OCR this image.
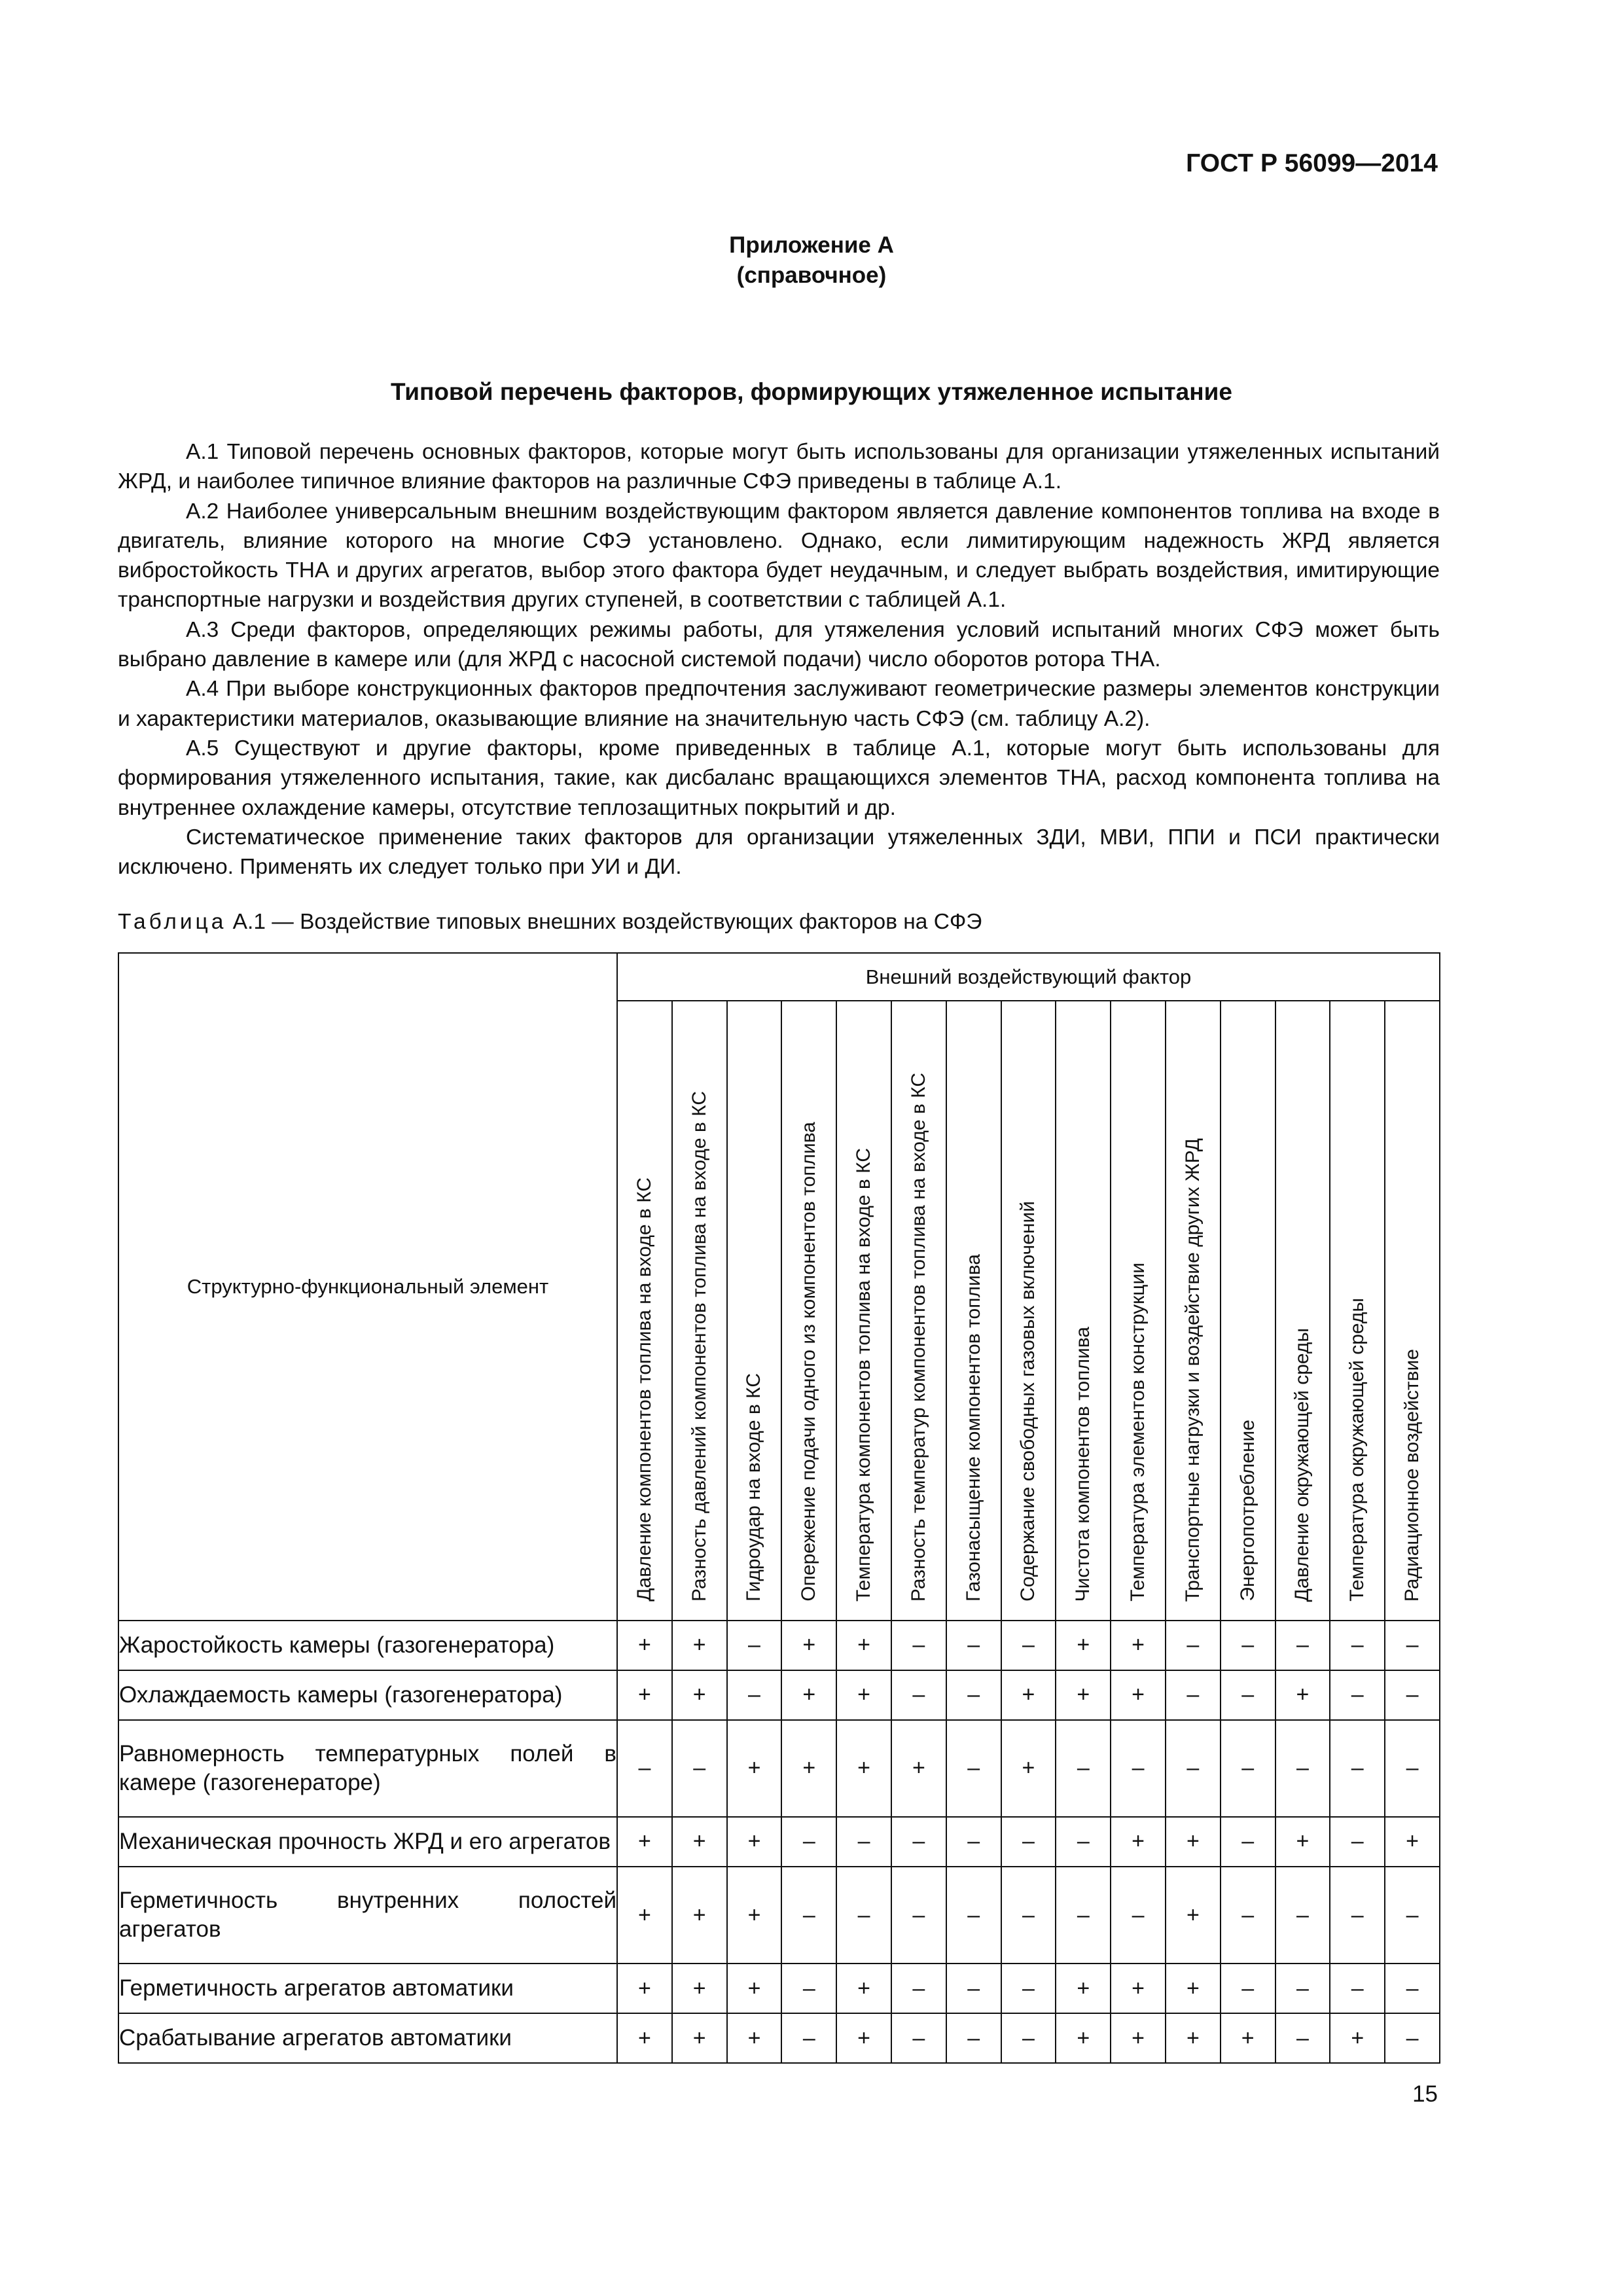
ГОСТ Р 56099—2014
Приложение А
(справочное)
Типовой перечень факторов, формирующих утяжеленное испытание

А.1 Типовой перечень основных факторов, которые могут быть использованы для организации утяжеленных испытаний ЖРД, и наиболее типичное влияние факторов на различные СФЭ приведены в таблице А.1.

А.2 Наиболее универсальным внешним воздействующим фактором является давление компонентов топлива на входе в двигатель, влияние которого на многие СФЭ установлено. Однако, если лимитирующим надежность ЖРД является вибростойкость ТНА и других агрегатов, выбор этого фактора будет неудачным, и следует выбрать воздействия, имитирующие транспортные нагрузки и воздействия других ступеней, в соответствии с таблицей А.1.

А.3 Среди факторов, определяющих режимы работы, для утяжеления условий испытаний многих СФЭ может быть выбрано давление в камере или (для ЖРД с насосной системой подачи) число оборотов ротора ТНА.

А.4 При выборе конструкционных факторов предпочтения заслуживают геометрические размеры элементов конструкции и характеристики материалов, оказывающие влияние на значительную часть СФЭ (см. таблицу А.2).

А.5 Существуют и другие факторы, кроме приведенных в таблице А.1, которые могут быть использованы для формирования утяжеленного испытания, такие, как дисбаланс вращающихся элементов ТНА, расход компонента топлива на внутреннее охлаждение камеры, отсутствие теплозащитных покрытий и др.

Систематическое применение таких факторов для организации утяжеленных ЗДИ, МВИ, ППИ и ПСИ практически исключено. Применять их следует только при УИ и ДИ.

Таблица А.1 — Воздействие типовых внешних воздействующих факторов на СФЭ
Структурно-функциональный элемент	Внешний воздействующий фактор														

	Давление компонентов топлива на входе в КС	Разность давлений компонентов топлива на входе в КС	Гидроудар на входе в КС	Опережение подачи одного из компонентов топлива	Температура компонентов топлива на входе в КС	Разность температур компонентов топлива на входе в КС	Газонасыщение компонентов топлива	Содержание свободных газовых включений	Чистота компонентов топлива	Температура элементов конструкции	Транспортные нагрузки и воздействие других ЖРД	Энергопотребление	Давление окружающей среды	Температура окружающей среды	Радиационное воздействие

Жаростойкость камеры (газогенератора)	+	+	–	+	+	–	–	–	+	+	–	–	–	–	–
Охлаждаемость камеры (газогенератора)	+	+	–	+	+	–	–	+	+	+	–	–	+	–	–
Равномерность температурных полей в камере (газогенераторе)	–	–	+	+	+	+	–	+	–	–	–	–	–	–	–
Механическая прочность ЖРД и его агрегатов	+	+	+	–	–	–	–	–	–	+	+	–	+	–	+
Герметичность внутренних полостей агрегатов	+	+	+	–	–	–	–	–	–	–	+	–	–	–	–
Герметичность агрегатов автоматики	+	+	+	–	+	–	–	–	+	+	+	–	–	–	–
Срабатывание агрегатов автоматики	+	+	+	–	+	–	–	–	+	+	+	+	–	+	–
15
